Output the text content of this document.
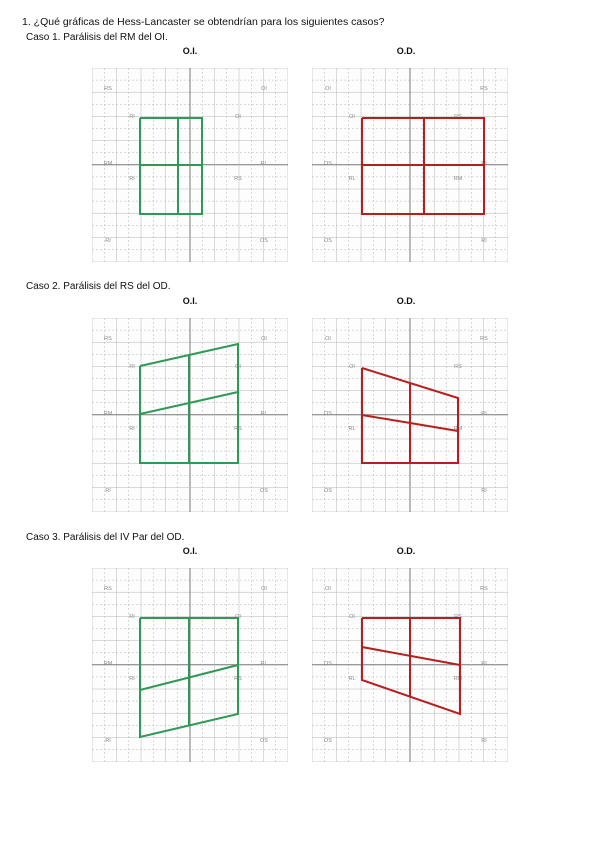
1. ¿Qué gráficas de Hess-Lancaster se obtendrían para los siguientes casos?
Caso 1. Parálisis del RM del OI.
O.I.	O.D.
RS	OI
RI	OI
RI	RS
RM	RL
RI	OS
OI	RS
OI	RS
RL	RM
OS	RI
OS	RI
Caso 2. Parálisis del RS del OD.
O.I.	O.D.
RS	OI
RI	OI
RI	RS
RM	RL
RI	OS
OI	RS
OI	RS
RL	RM
OS	RI
OS	RI
Caso 3. Parálisis del IV Par del OD.
O.I.	O.D.
RS	OI
RI	OI
RI	RS
RM	RL
RI	OS
OI	RS
OI	RS
RL	RM
OS	RI
OS	RI
